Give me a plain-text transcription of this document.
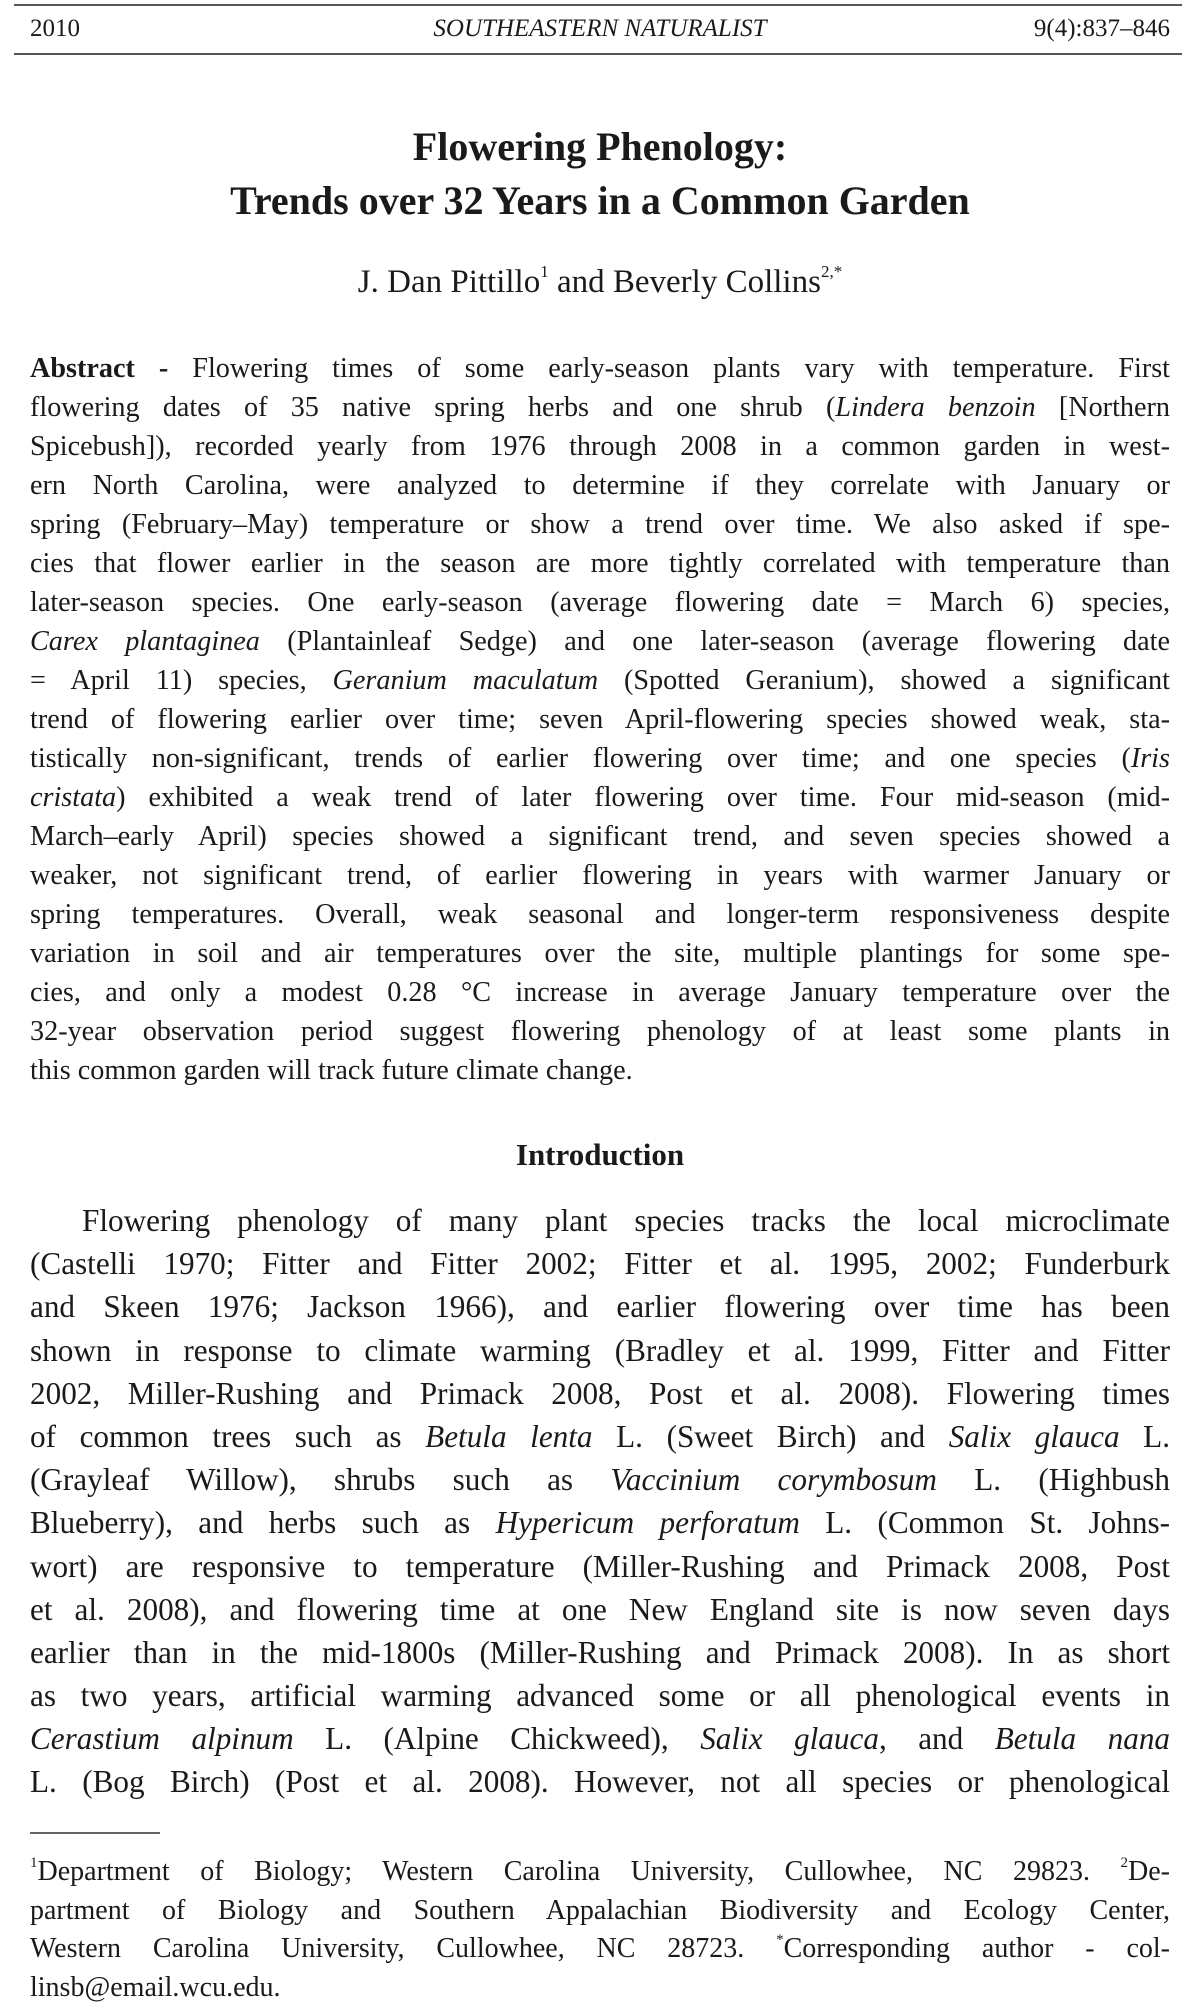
2010	SOUTHEASTERN NATURALIST	9(4):837–846
Flowering Phenology:
Trends over 32 Years in a Common Garden
J. Dan Pittillo$^1$ and Beverly Collins$^{2,*}$
Abstract - Flowering times of some early-season plants vary with temperature. First
flowering dates of 35 native spring herbs and one shrub (Lindera benzoin [Northern
Spicebush]), recorded yearly from 1976 through 2008 in a common garden in west-
ern North Carolina, were analyzed to determine if they correlate with January or
spring (February–May) temperature or show a trend over time. We also asked if spe-
cies that flower earlier in the season are more tightly correlated with temperature than
later-season species. One early-season (average flowering date = March 6) species,
Carex plantaginea (Plantainleaf Sedge) and one later-season (average flowering date
= April 11) species, Geranium maculatum (Spotted Geranium), showed a significant
trend of flowering earlier over time; seven April-flowering species showed weak, sta-
tistically non-significant, trends of earlier flowering over time; and one species (Iris
cristata) exhibited a weak trend of later flowering over time. Four mid-season (mid-
March–early April) species showed a significant trend, and seven species showed a
weaker, not significant trend, of earlier flowering in years with warmer January or
spring temperatures. Overall, weak seasonal and longer-term responsiveness despite
variation in soil and air temperatures over the site, multiple plantings for some spe-
cies, and only a modest 0.28 °C increase in average January temperature over the
32-year observation period suggest flowering phenology of at least some plants in
this common garden will track future climate change.
Introduction
Flowering phenology of many plant species tracks the local microclimate
(Castelli 1970; Fitter and Fitter 2002; Fitter et al. 1995, 2002; Funderburk
and Skeen 1976; Jackson 1966), and earlier flowering over time has been
shown in response to climate warming (Bradley et al. 1999, Fitter and Fitter
2002, Miller-Rushing and Primack 2008, Post et al. 2008). Flowering times
of common trees such as Betula lenta L. (Sweet Birch) and Salix glauca L.
(Grayleaf Willow), shrubs such as Vaccinium corymbosum L. (Highbush
Blueberry), and herbs such as Hypericum perforatum L. (Common St. Johns-
wort) are responsive to temperature (Miller-Rushing and Primack 2008, Post
et al. 2008), and flowering time at one New England site is now seven days
earlier than in the mid-1800s (Miller-Rushing and Primack 2008). In as short
as two years, artificial warming advanced some or all phenological events in
Cerastium alpinum L. (Alpine Chickweed), Salix glauca, and Betula nana
L. (Bog Birch) (Post et al. 2008). However, not all species or phenological
$^1$Department of Biology; Western Carolina University, Cullowhee, NC 29823. $^2$De-
partment of Biology and Southern Appalachian Biodiversity and Ecology Center,
Western Carolina University, Cullowhee, NC 28723. *Corresponding author - col-
linsb@email.wcu.edu.
